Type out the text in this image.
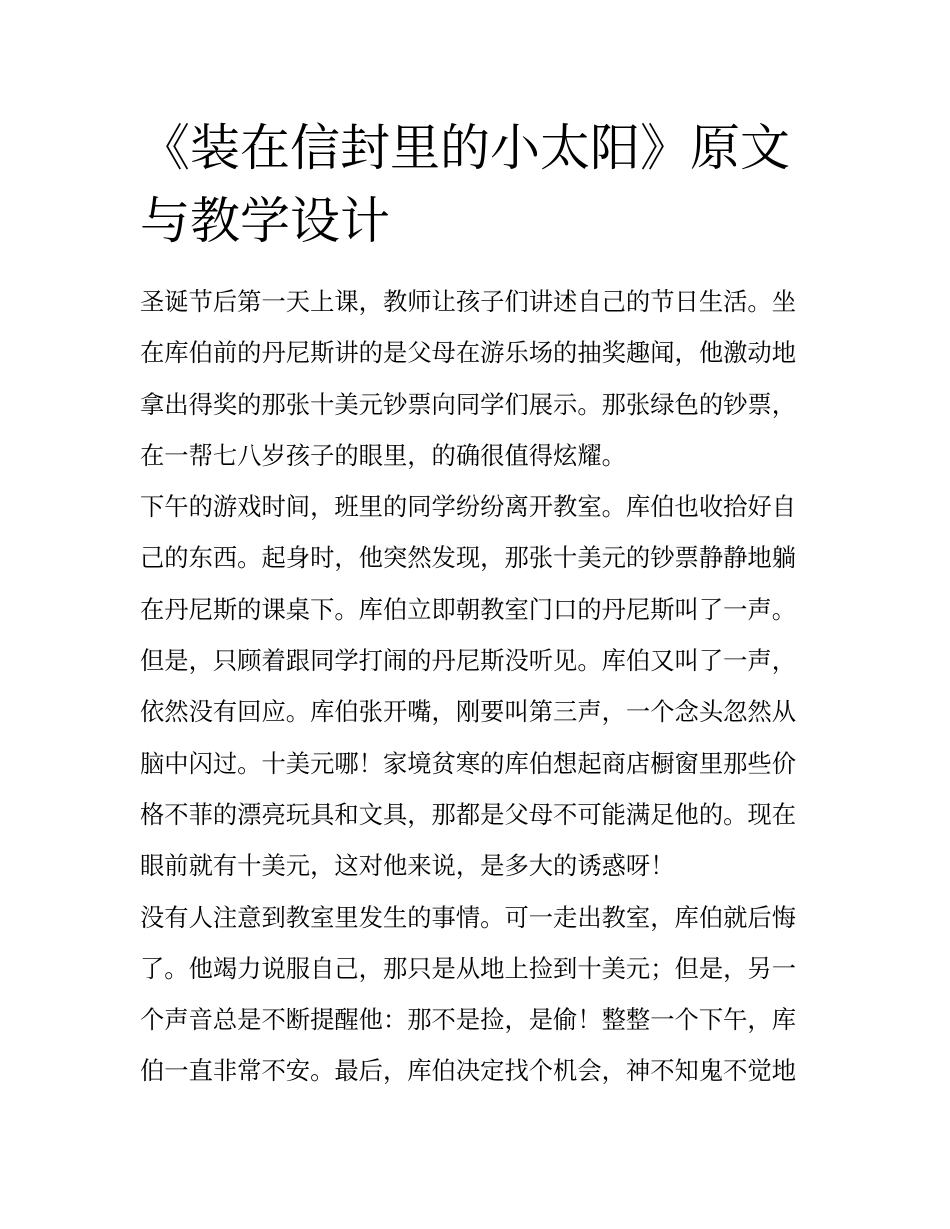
《装在信封里的小太阳》原文
与教学设计
圣诞节后第一天上课，教师让孩子们讲述自己的节日生活。坐
在库伯前的丹尼斯讲的是父母在游乐场的抽奖趣闻，他激动地
拿出得奖的那张十美元钞票向同学们展示。那张绿色的钞票，
在一帮七八岁孩子的眼里，的确很值得炫耀。
下午的游戏时间，班里的同学纷纷离开教室。库伯也收拾好自
己的东西。起身时，他突然发现，那张十美元的钞票静静地躺
在丹尼斯的课桌下。库伯立即朝教室门口的丹尼斯叫了一声。
但是，只顾着跟同学打闹的丹尼斯没听见。库伯又叫了一声，
依然没有回应。库伯张开嘴，刚要叫第三声，一个念头忽然从
脑中闪过。十美元哪！家境贫寒的库伯想起商店橱窗里那些价
格不菲的漂亮玩具和文具，那都是父母不可能满足他的。现在
眼前就有十美元，这对他来说，是多大的诱惑呀！
没有人注意到教室里发生的事情。可一走出教室，库伯就后悔
了。他竭力说服自己，那只是从地上捡到十美元；但是，另一
个声音总是不断提醒他：那不是捡，是偷！整整一个下午，库
伯一直非常不安。最后，库伯决定找个机会，神不知鬼不觉地
